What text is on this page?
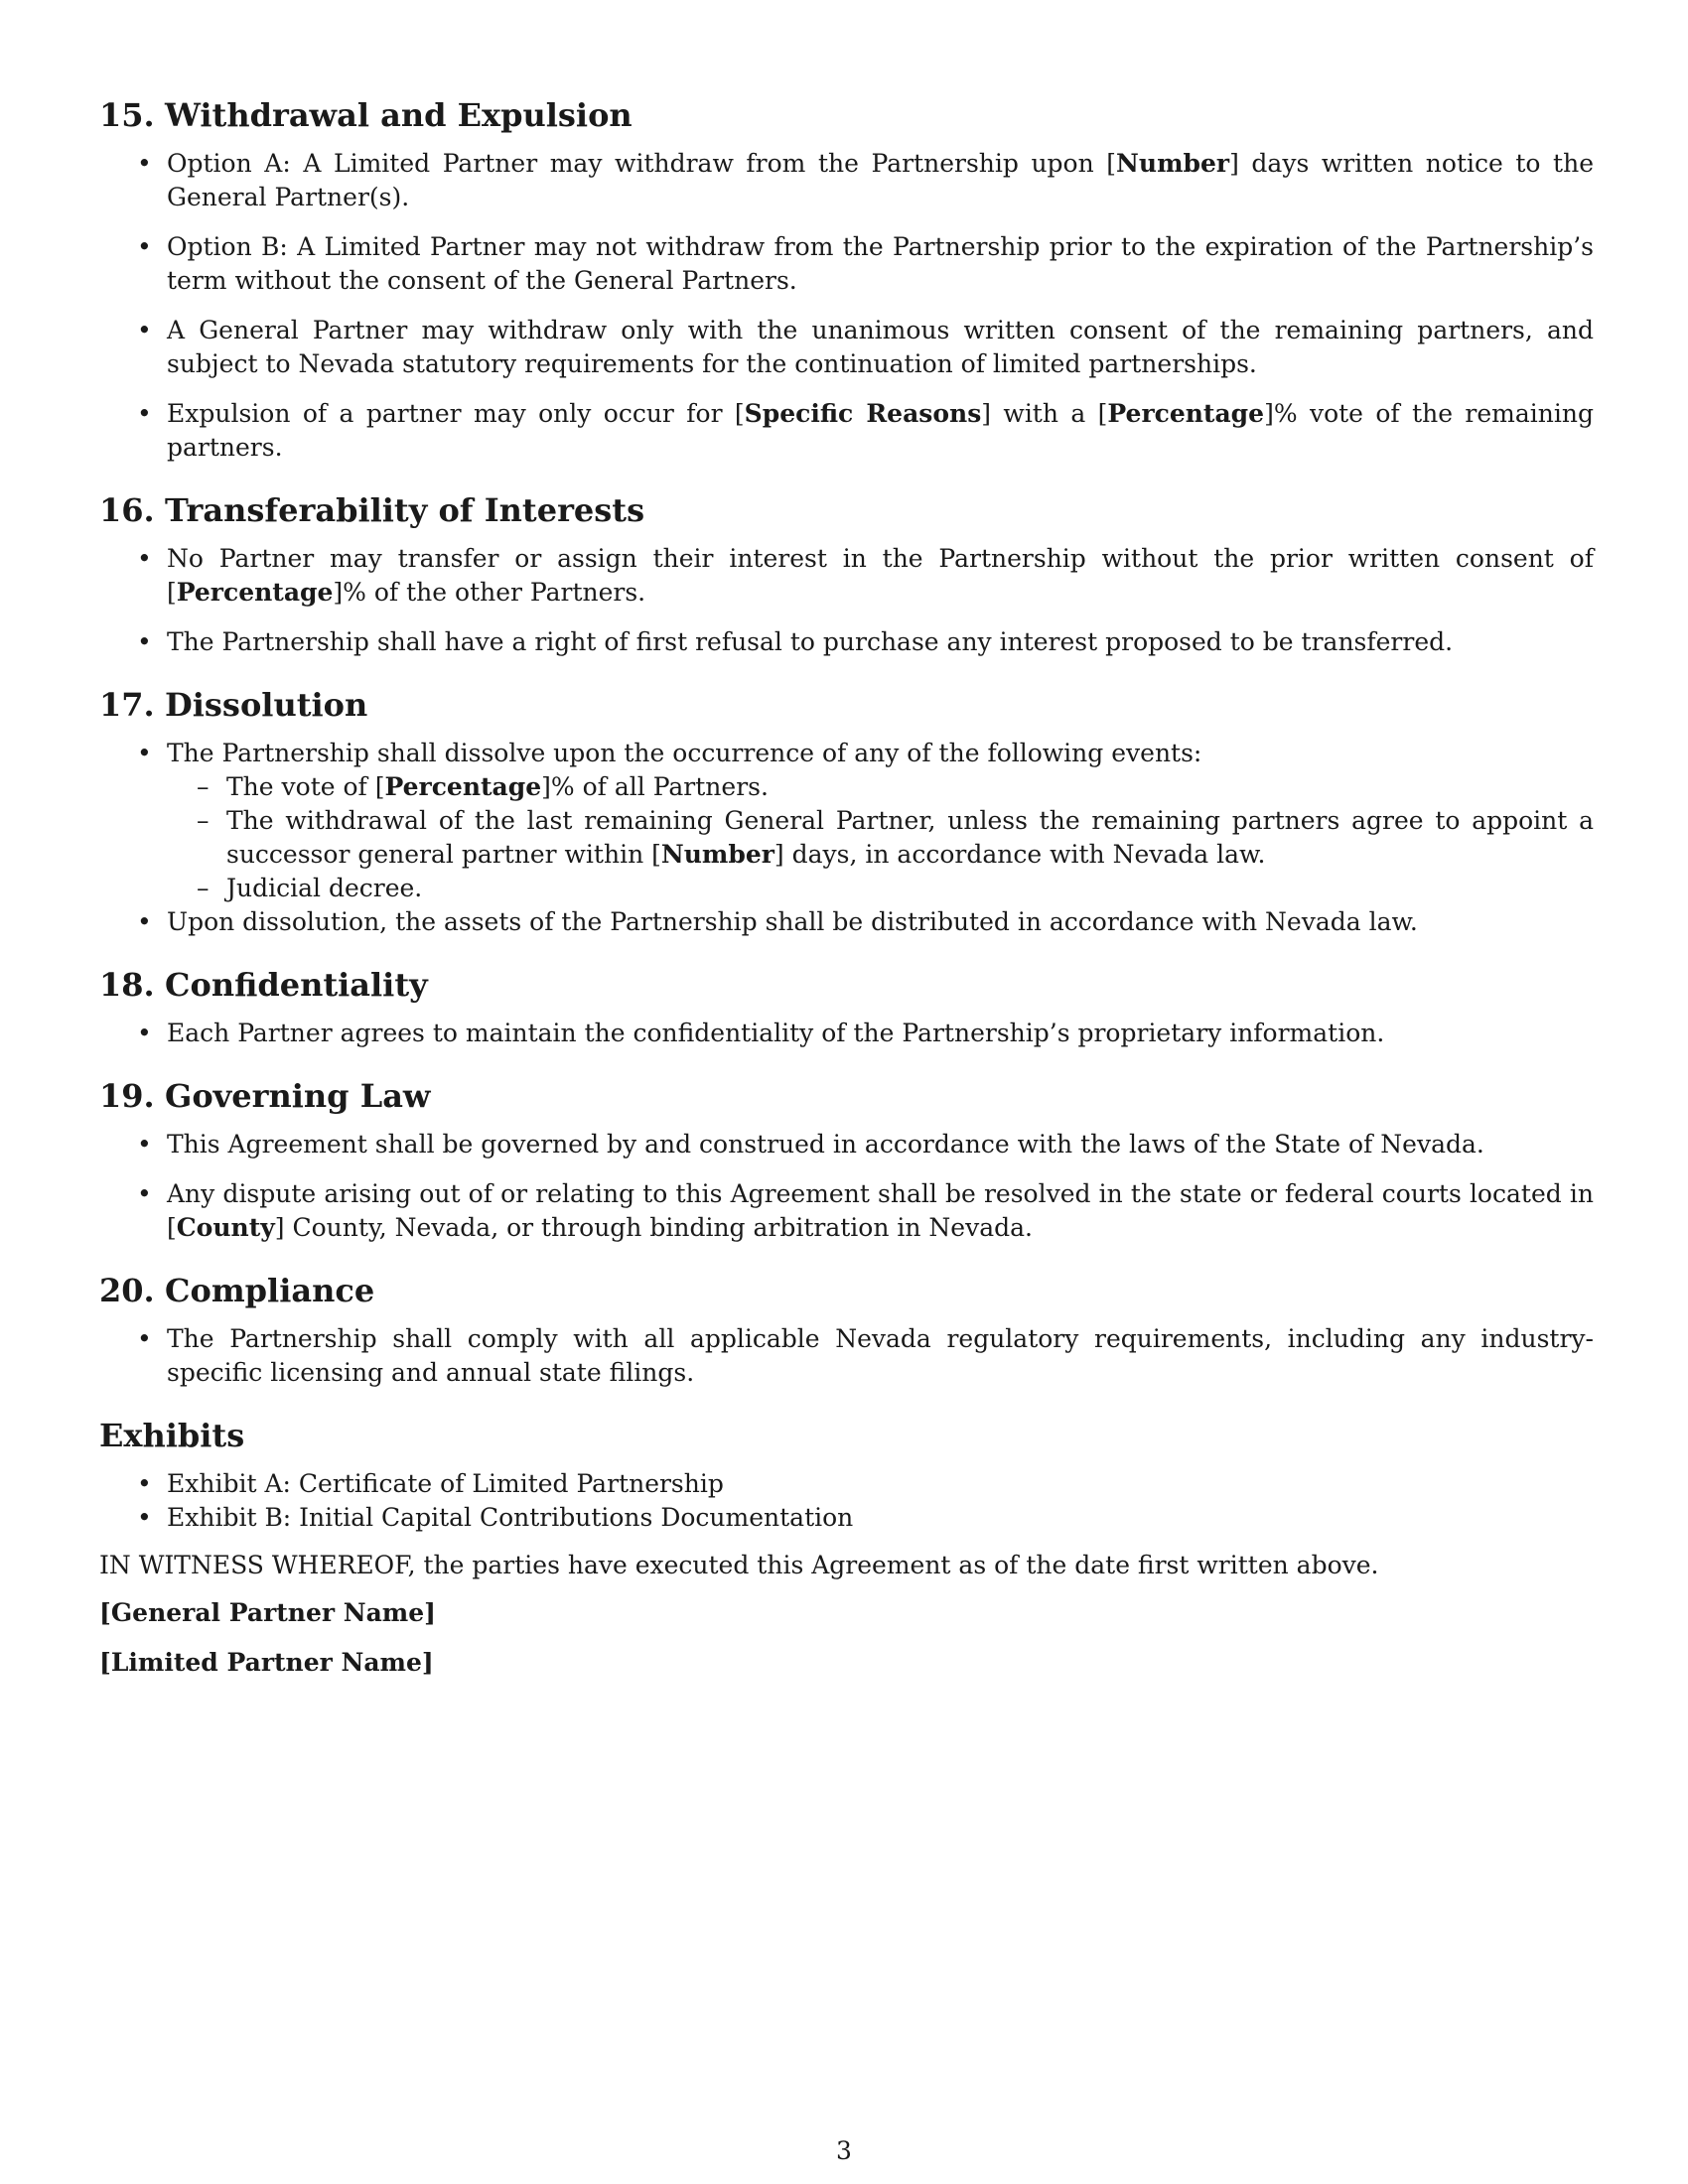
15. Withdrawal and Expulsion
• Option A: A Limited Partner may withdraw from the Partnership upon [Number] days written notice to the General Partner(s).
• Option B: A Limited Partner may not withdraw from the Partnership prior to the expiration of the Partnership’s term without the consent of the General Partners.
• A General Partner may withdraw only with the unanimous written consent of the remaining partners, and subject to Nevada statutory requirements for the continuation of limited partnerships.
• Expulsion of a partner may only occur for [Specific Reasons] with a [Percentage]% vote of the remaining partners.
16. Transferability of Interests
• No Partner may transfer or assign their interest in the Partnership without the prior written consent of [Percentage]% of the other Partners.
• The Partnership shall have a right of first refusal to purchase any interest proposed to be transferred.
17. Dissolution
• The Partnership shall dissolve upon the occurrence of any of the following events:
– The vote of [Percentage]% of all Partners.
– The withdrawal of the last remaining General Partner, unless the remaining partners agree to appoint a successor general partner within [Number] days, in accordance with Nevada law.
– Judicial decree.
• Upon dissolution, the assets of the Partnership shall be distributed in accordance with Nevada law.
18. Confidentiality
• Each Partner agrees to maintain the confidentiality of the Partnership’s proprietary information.
19. Governing Law
• This Agreement shall be governed by and construed in accordance with the laws of the State of Nevada.
• Any dispute arising out of or relating to this Agreement shall be resolved in the state or federal courts located in [County] County, Nevada, or through binding arbitration in Nevada.
20. Compliance
• The Partnership shall comply with all applicable Nevada regulatory requirements, including any industry-specific licensing and annual state filings.
Exhibits
• Exhibit A: Certificate of Limited Partnership
• Exhibit B: Initial Capital Contributions Documentation

IN WITNESS WHEREOF, the parties have executed this Agreement as of the date first written above.

[General Partner Name]

[Limited Partner Name]

3
